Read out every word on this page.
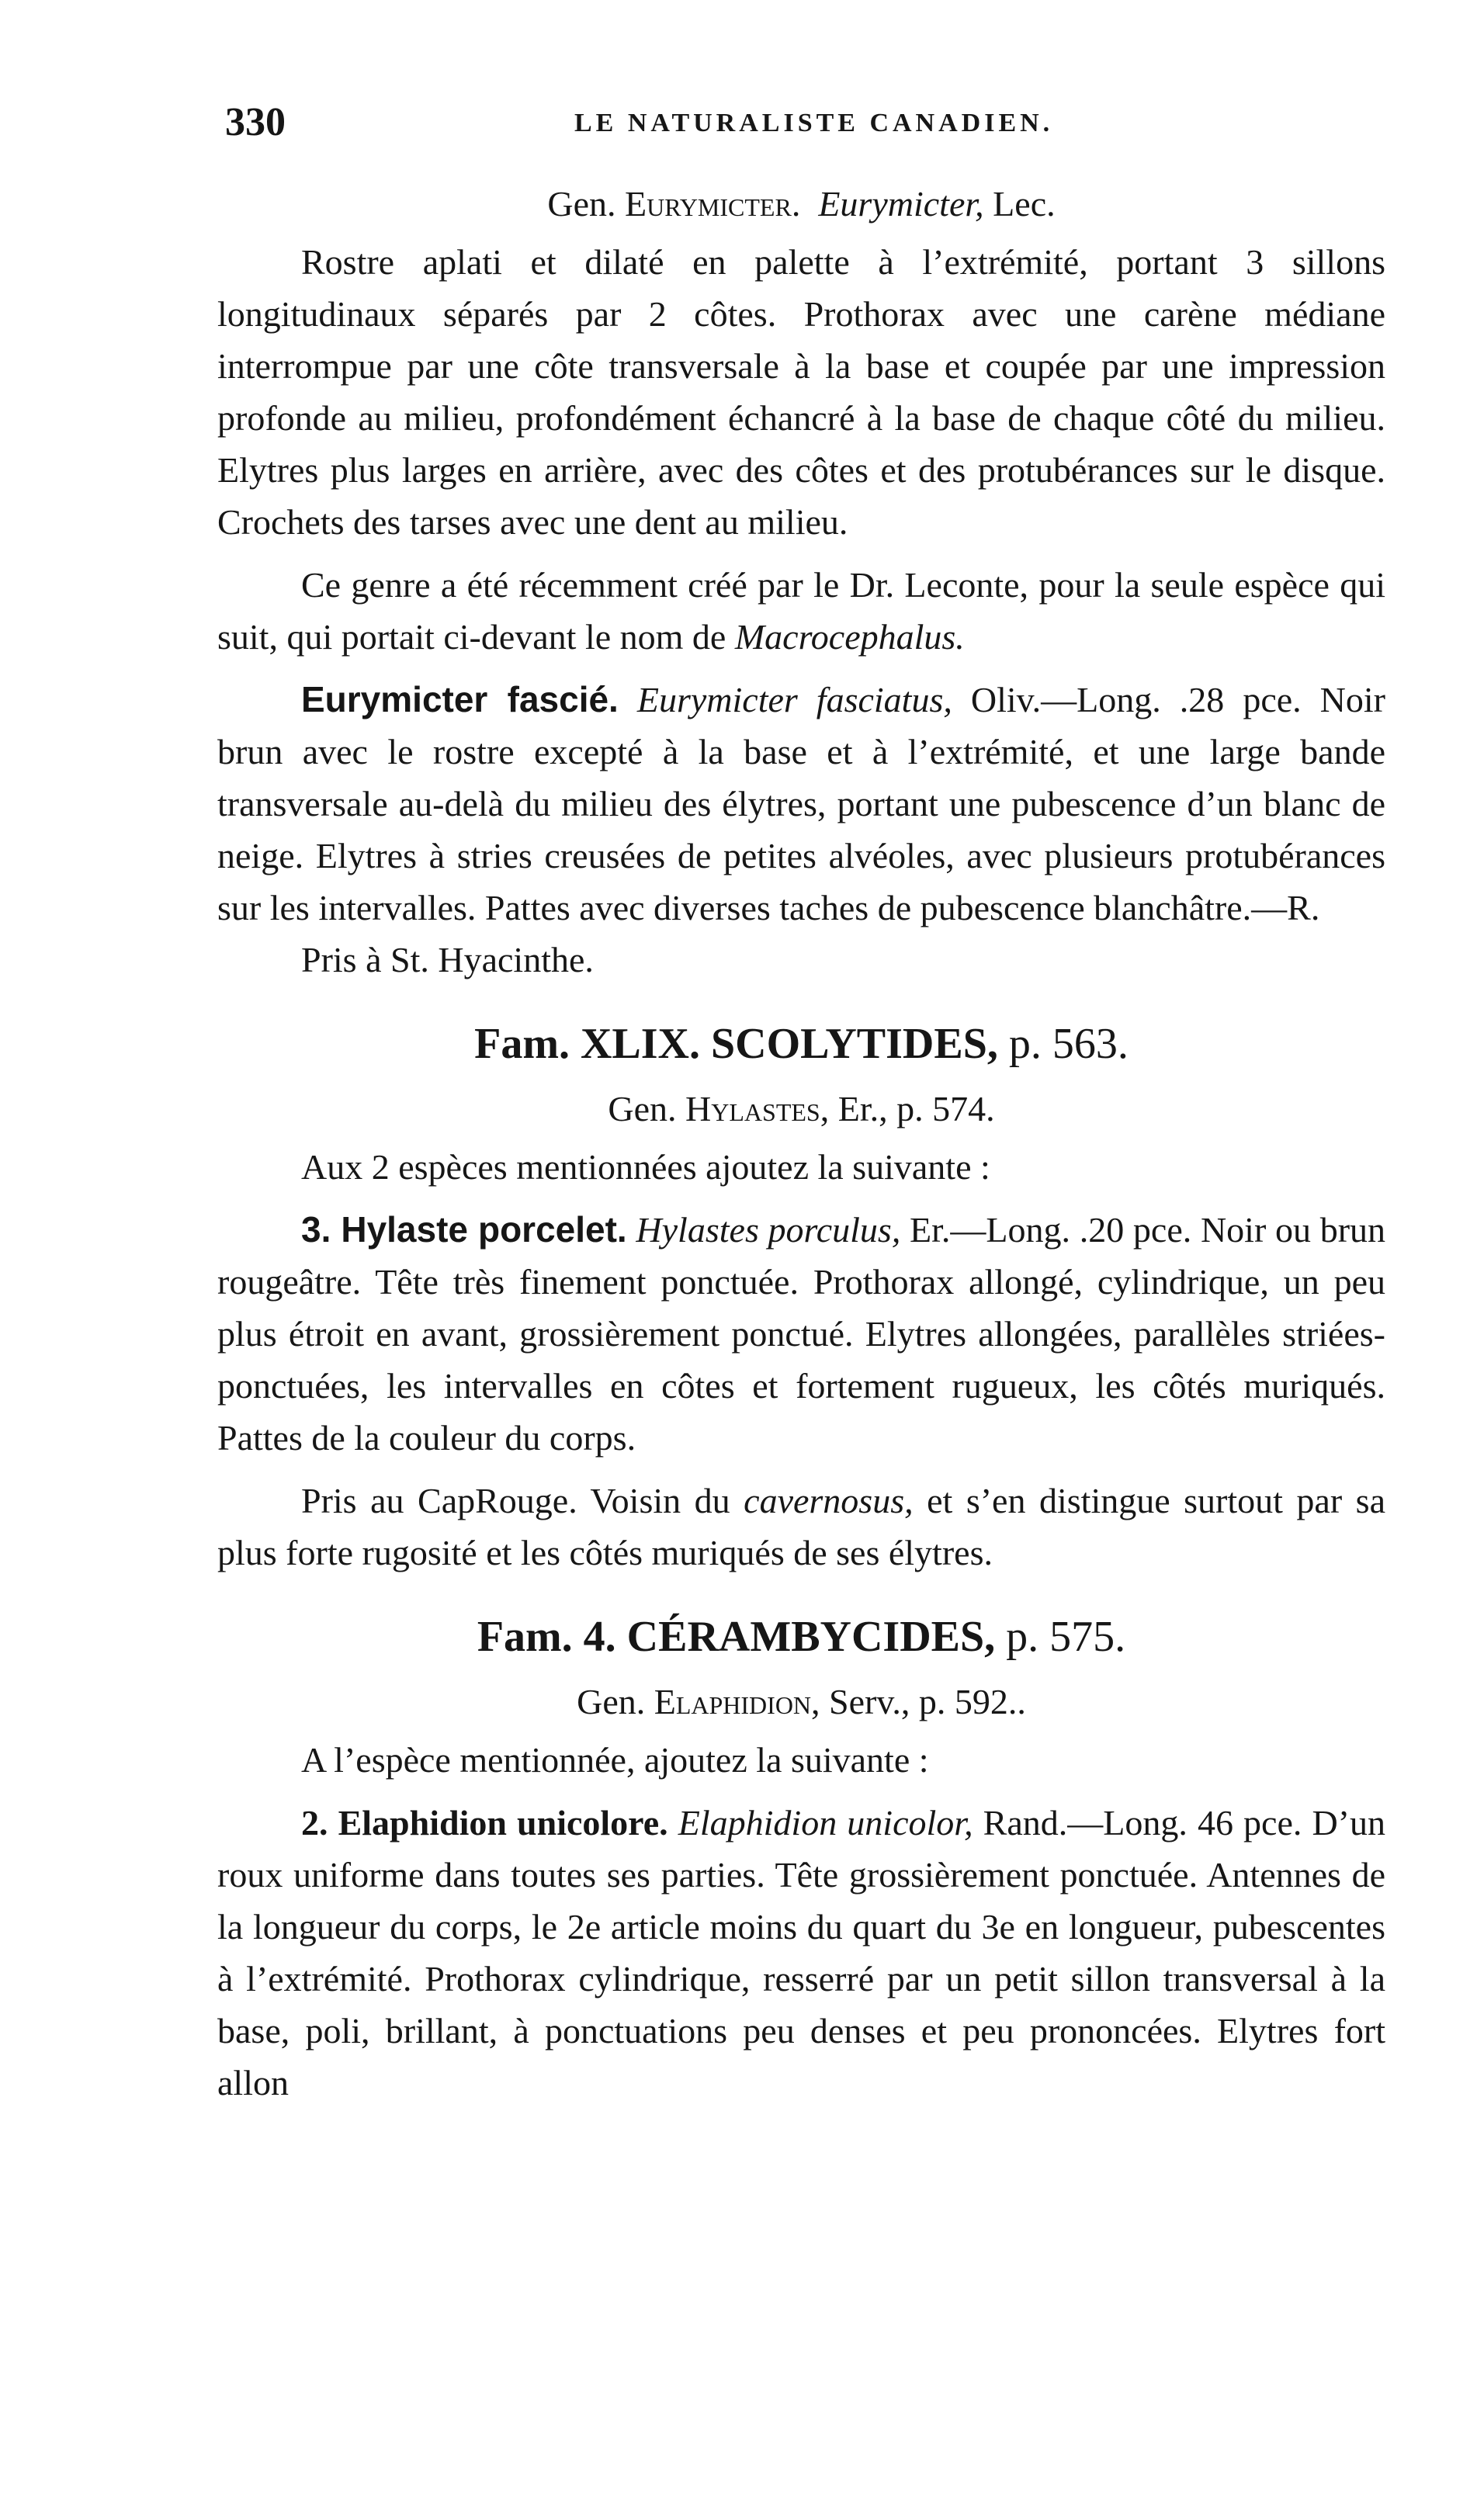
330	LE NATURALISTE CANADIEN.

Gen. Eurymicter. Eurymicter, Lec.

Rostre aplati et dilaté en palette à l’extrémité, portant 3 sillons longitudinaux séparés par 2 côtes. Prothorax avec une carène médiane interrompue par une côte transversale à la base et coupée par une impression profonde au milieu, profondément échancré à la base de chaque côté du milieu. Elytres plus larges en arrière, avec des côtes et des protubérances sur le disque. Crochets des tarses avec une dent au milieu.

Ce genre a été récemment créé par le Dr. Leconte, pour la seule espèce qui suit, qui portait ci-devant le nom de Macrocephalus.

Eurymicter fascié. Eurymicter fasciatus, Oliv.—Long. .28 pce. Noir brun avec le rostre excepté à la base et à l’extrémité, et une large bande transversale au-delà du milieu des élytres, portant une pubescence d’un blanc de neige. Elytres à stries creusées de petites alvéoles, avec plusieurs protubérances sur les intervalles. Pattes avec diverses taches de pubescence blanchâtre.—R.

Pris à St. Hyacinthe.

Fam. XLIX. SCOLYTIDES, p. 563.

Gen. Hylastes, Er., p. 574.

Aux 2 espèces mentionnées ajoutez la suivante :

3. Hylaste porcelet. Hylastes porculus, Er.—Long. .20 pce. Noir ou brun rougeâtre. Tête très finement ponctuée. Prothorax allongé, cylindrique, un peu plus étroit en avant, grossièrement ponctué. Elytres allongées, parallèles striées-ponctuées, les intervalles en côtes et fortement rugueux, les côtés muriqués. Pattes de la couleur du corps.

Pris au CapRouge. Voisin du cavernosus, et s’en distingue surtout par sa plus forte rugosité et les côtés muriqués de ses élytres.

Fam. 4. CÉRAMBYCIDES, p. 575.

Gen. Elaphidion, Serv., p. 592..

A l’espèce mentionnée, ajoutez la suivante :

2. Elaphidion unicolore. Elaphidion unicolor, Rand.—Long. 46 pce. D’un roux uniforme dans toutes ses parties. Tête grossièrement ponctuée. Antennes de la longueur du corps, le 2e article moins du quart du 3e en longueur, pubescentes à l’extrémité. Prothorax cylindrique, resserré par un petit sillon transversal à la base, poli, brillant, à ponctuations peu denses et peu prononcées. Elytres fort allon
